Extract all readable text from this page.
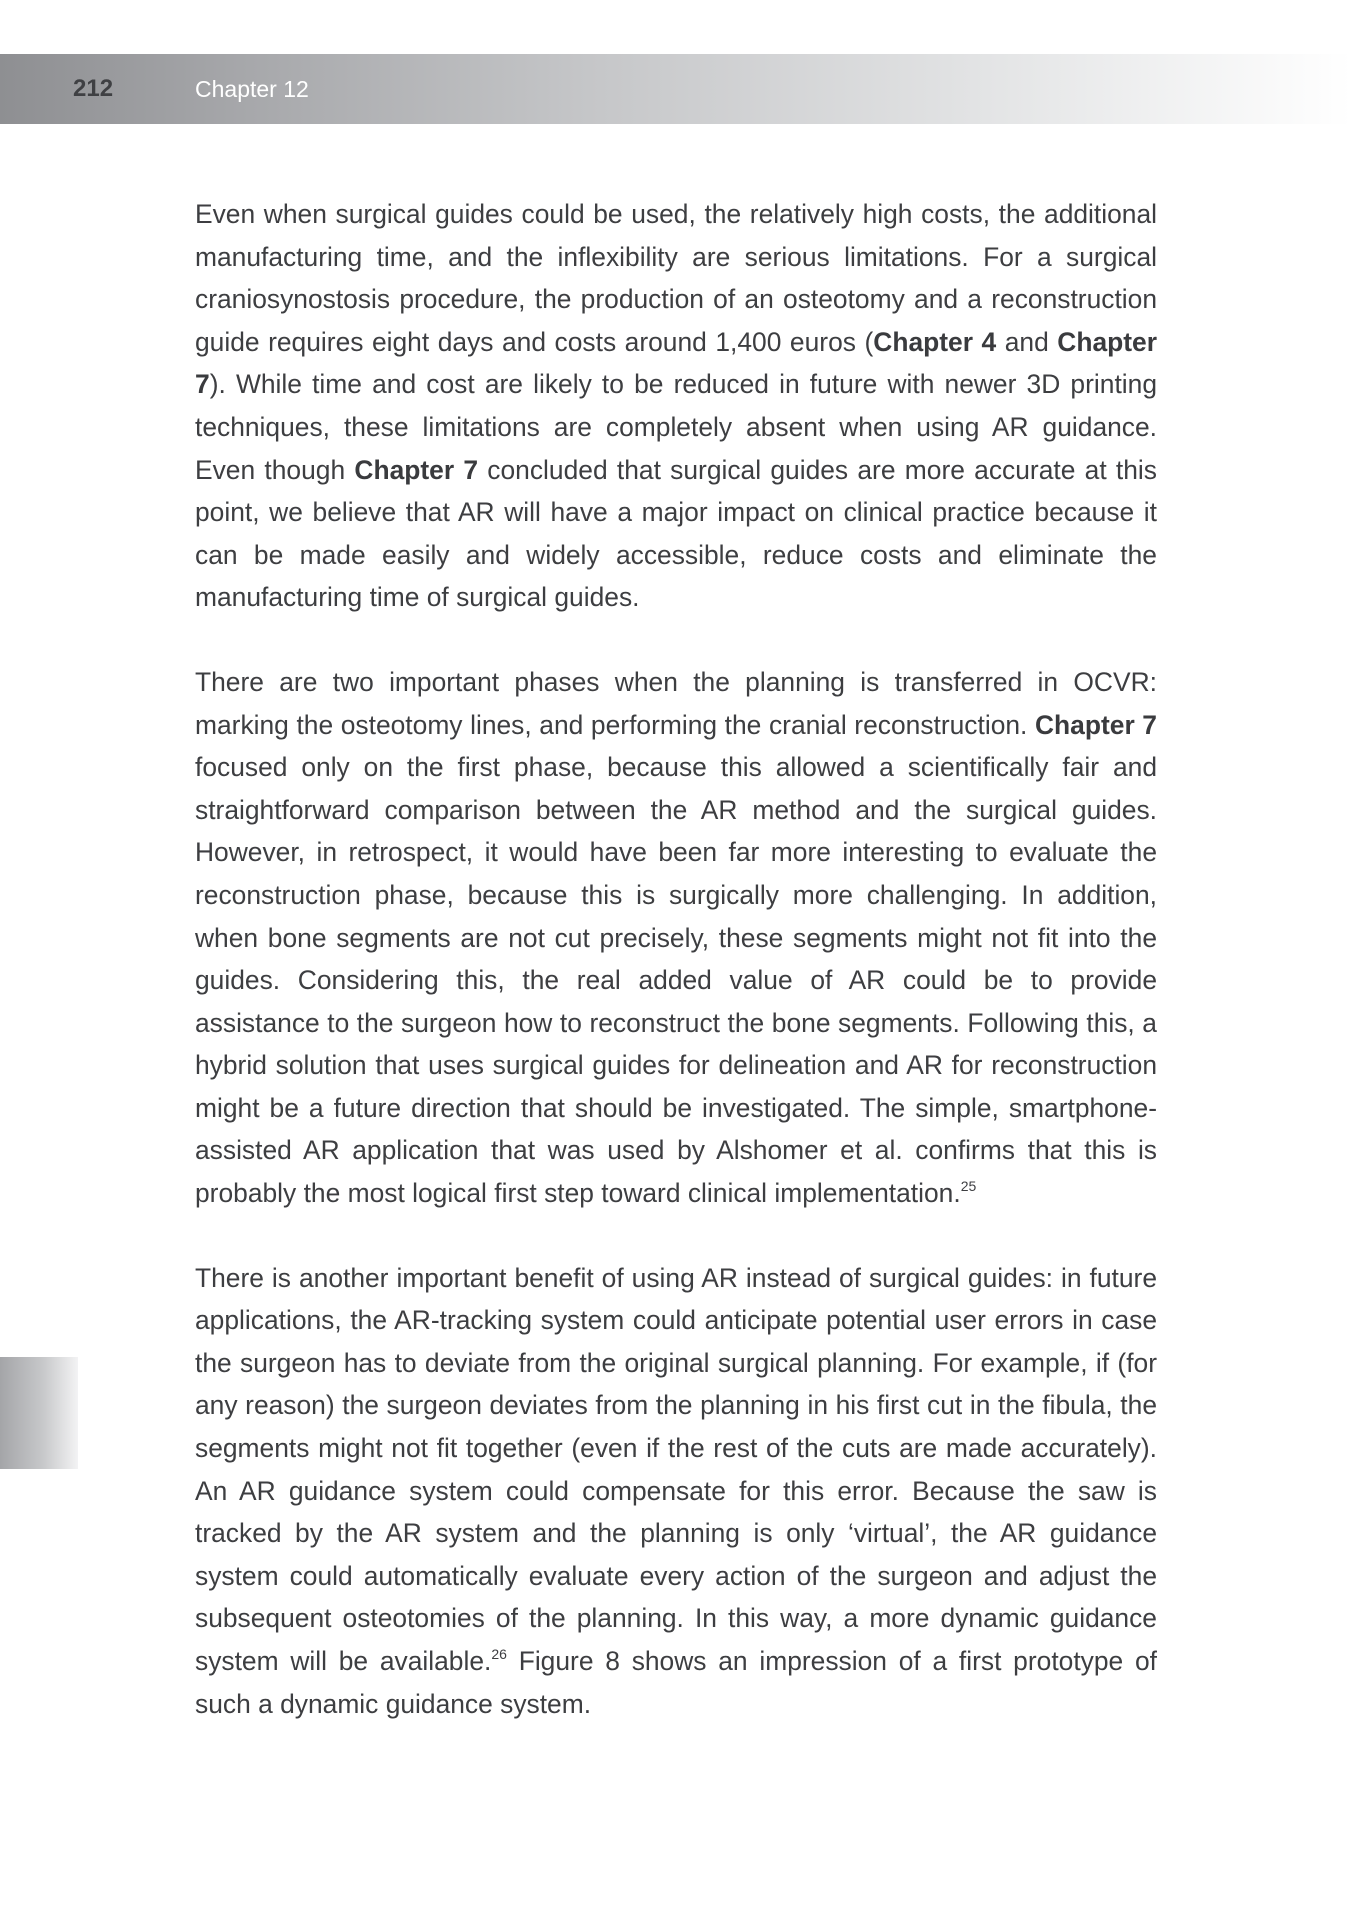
212	Chapter 12

Even when surgical guides could be used, the relatively high costs, the additional manufacturing time, and the inflexibility are serious limitations. For a surgical craniosynostosis procedure, the production of an osteotomy and a reconstruction guide requires eight days and costs around 1,400 euros (Chapter 4 and Chapter 7). While time and cost are likely to be reduced in future with newer 3D printing techniques, these limitations are completely absent when using AR guidance. Even though Chapter 7 concluded that surgical guides are more accurate at this point, we believe that AR will have a major impact on clinical practice because it can be made easily and widely accessible, reduce costs and eliminate the manufacturing time of surgical guides.

There are two important phases when the planning is transferred in OCVR: marking the osteotomy lines, and performing the cranial reconstruction. Chapter 7 focused only on the first phase, because this allowed a scientifically fair and straightforward comparison between the AR method and the surgical guides. However, in retrospect, it would have been far more interesting to evaluate the reconstruction phase, because this is surgically more challenging. In addition, when bone segments are not cut precisely, these segments might not fit into the guides. Considering this, the real added value of AR could be to provide assistance to the surgeon how to reconstruct the bone segments. Following this, a hybrid solution that uses surgical guides for delineation and AR for reconstruction might be a future direction that should be investigated. The simple, smartphone-assisted AR application that was used by Alshomer et al. confirms that this is probably the most logical first step toward clinical implementation.$^{25}$

There is another important benefit of using AR instead of surgical guides: in future applications, the AR-tracking system could anticipate potential user errors in case the surgeon has to deviate from the original surgical planning. For example, if (for any reason) the surgeon deviates from the planning in his first cut in the fibula, the segments might not fit together (even if the rest of the cuts are made accurately). An AR guidance system could compensate for this error. Because the saw is tracked by the AR system and the planning is only ‘virtual’, the AR guidance system could automatically evaluate every action of the surgeon and adjust the subsequent osteotomies of the planning. In this way, a more dynamic guidance system will be available.$^{26}$ Figure 8 shows an impression of a first prototype of such a dynamic guidance system.
